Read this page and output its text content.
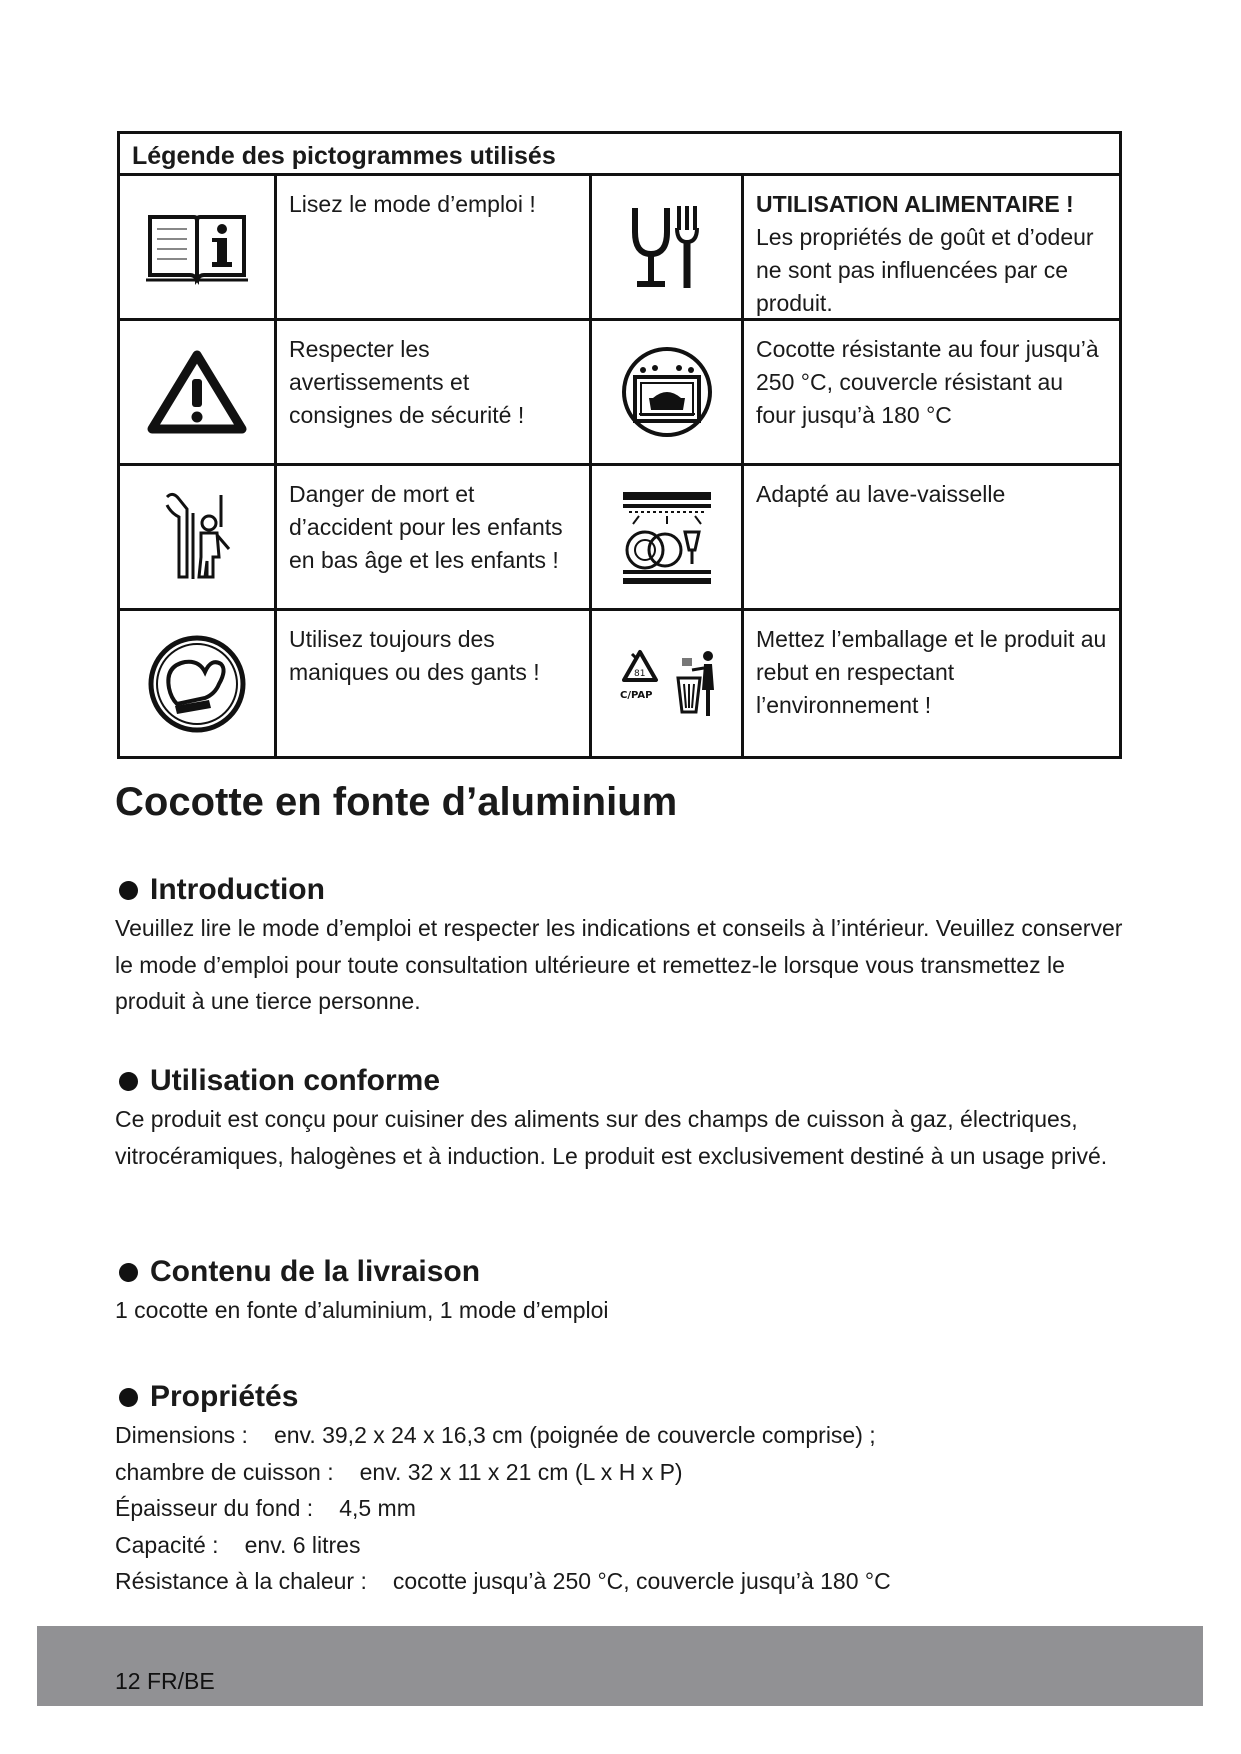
Légende des pictogrammes utilisés
Lisez le mode d’emploi !	UTILISATION ALIMENTAIRE !
Les propriétés de goût et d’odeur ne sont pas influencées par ce produit.
Respecter les avertissements et consignes de sécurité !
Cocotte résistante au four jusqu’à 250 °C, couvercle résistant au four jusqu’à 180 °C
Danger de mort et d’accident pour les enfants en bas âge et les enfants !
Adapté au lave-vaisselle
Utilisez toujours des maniques ou des gants !	81
C/PAP
Mettez l’emballage et le produit au rebut en respectant l’environnement !
Cocotte en fonte d’aluminium
Introduction

Veuillez lire le mode d’emploi et respecter les indications et conseils à l’intérieur. Veuillez conserver le mode d’emploi pour toute consultation ultérieure et remettez-le lorsque vous transmettez le produit à une tierce personne.

Utilisation conforme

Ce produit est conçu pour cuisiner des aliments sur des champs de cuisson à gaz, électriques, vitrocéramiques, halogènes et à induction. Le produit est exclusivement destiné à un usage privé.

Contenu de la livraison

1 cocotte en fonte d’aluminium, 1 mode d’emploi

Propriétés
Dimensions : env. 39,2 x 24 x 16,3 cm (poignée de couvercle comprise) ;
chambre de cuisson : env. 32 x 11 x 21 cm (L x H x P)
Épaisseur du fond : 4,5 mm
Capacité : env. 6 litres
Résistance à la chaleur : cocotte jusqu’à 250 °C, couvercle jusqu’à 180 °C
12 FR/BE
